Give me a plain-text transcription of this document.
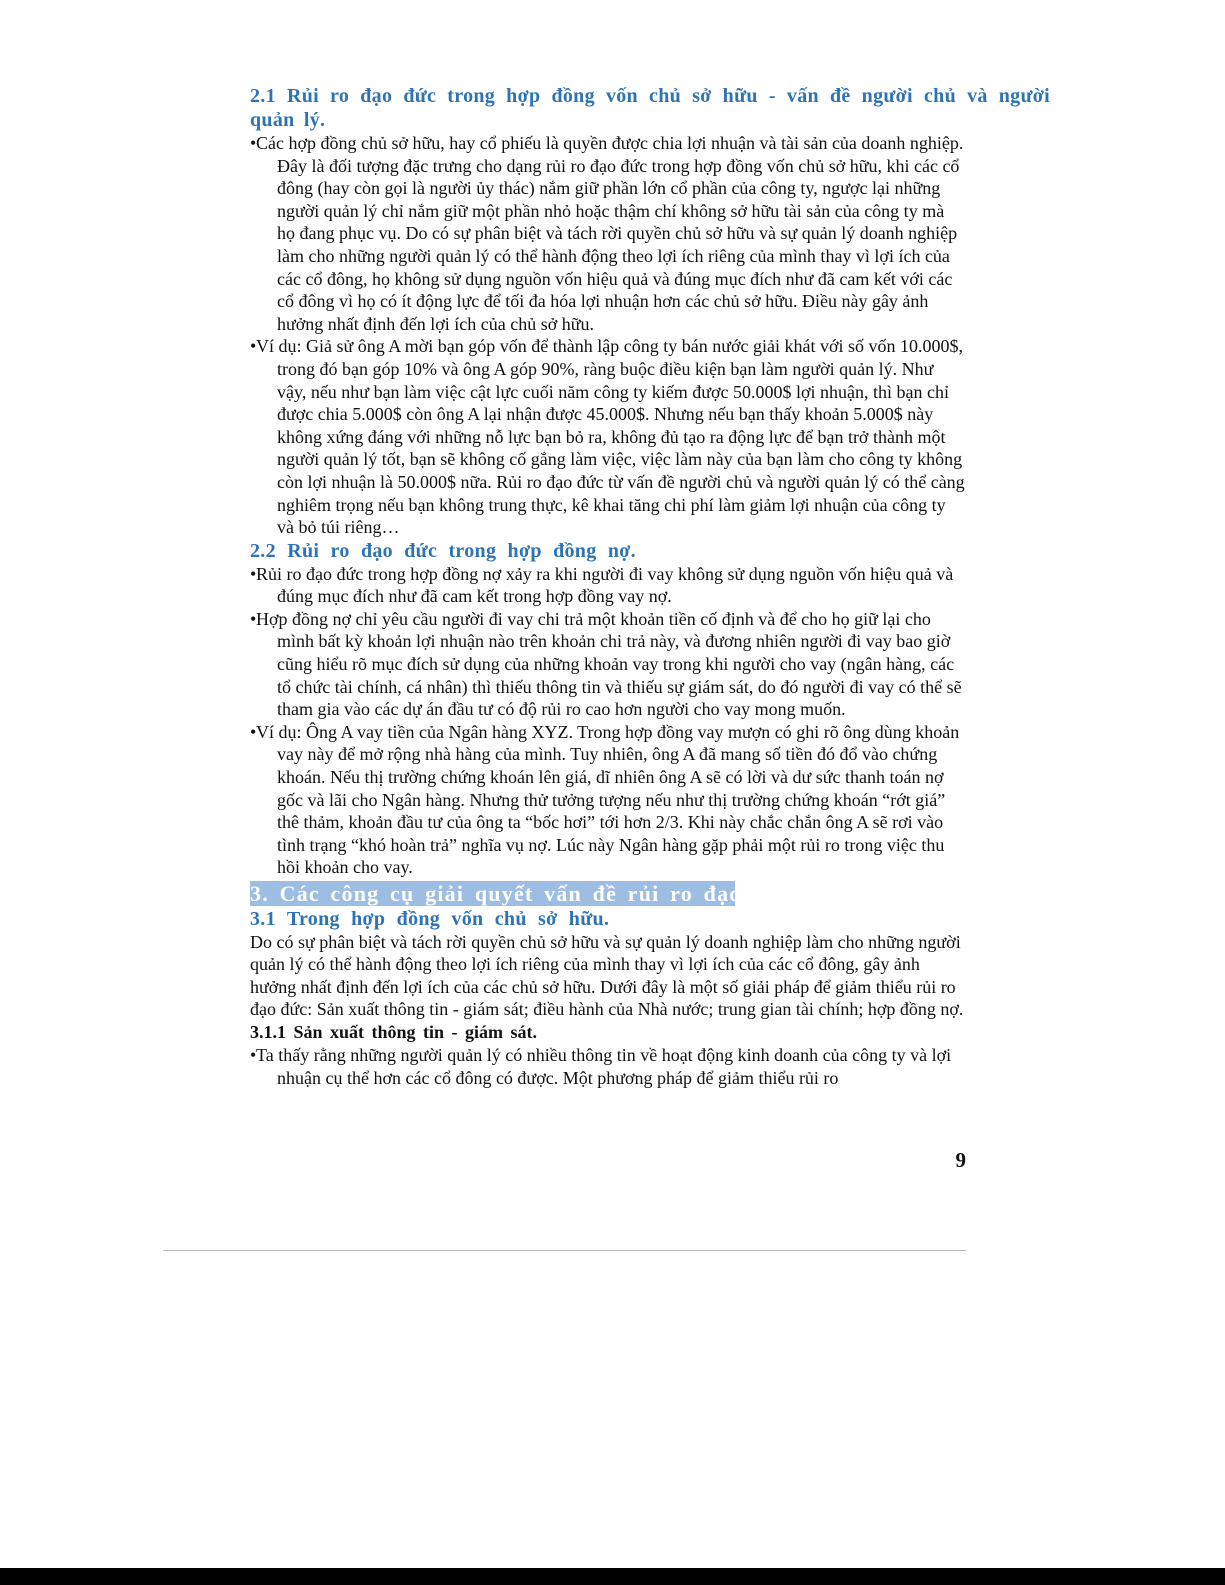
2.1 Rủi ro đạo đức trong hợp đồng vốn chủ sở hữu - vấn đề người chủ và người quản lý.
•Các hợp đồng chủ sở hữu, hay cổ phiếu là quyền được chia lợi nhuận và tài sản của doanh nghiệp. Đây là đối tượng đặc trưng cho dạng rủi ro đạo đức trong hợp đồng vốn chủ sở hữu, khi các cổ đông (hay còn gọi là người ủy thác) nắm giữ phần lớn cổ phần của công ty, ngược lại những người quản lý chỉ nắm giữ một phần nhỏ hoặc thậm chí không sở hữu tài sản của công ty mà họ đang phục vụ. Do có sự phân biệt và tách rời quyền chủ sở hữu và sự quản lý doanh nghiệp làm cho những người quản lý có thể hành động theo lợi ích riêng của mình thay vì lợi ích của các cổ đông, họ không sử dụng nguồn vốn hiệu quả và đúng mục đích như đã cam kết với các cổ đông vì họ có ít động lực để tối đa hóa lợi nhuận hơn các chủ sở hữu. Điều này gây ảnh hưởng nhất định đến lợi ích của chủ sở hữu.
•Ví dụ: Giả sử ông A mời bạn góp vốn để thành lập công ty bán nước giải khát với số vốn 10.000$, trong đó bạn góp 10% và ông A góp 90%, ràng buộc điều kiện bạn làm người quản lý. Như vậy, nếu như bạn làm việc cật lực cuối năm công ty kiếm được 50.000$ lợi nhuận, thì bạn chỉ được chia 5.000$ còn ông A lại nhận được 45.000$. Nhưng nếu bạn thấy khoản 5.000$ này không xứng đáng với những nỗ lực bạn bỏ ra, không đủ tạo ra động lực để bạn trở thành một người quản lý tốt, bạn sẽ không cố gắng làm việc, việc làm này của bạn làm cho công ty không còn lợi nhuận là 50.000$ nữa. Rủi ro đạo đức từ vấn đề người chủ và người quản lý có thể càng nghiêm trọng nếu bạn không trung thực, kê khai tăng chi phí làm giảm lợi nhuận của công ty và bỏ túi riêng…
2.2 Rủi ro đạo đức trong hợp đồng nợ.
•Rủi ro đạo đức trong hợp đồng nợ xảy ra khi người đi vay không sử dụng nguồn vốn hiệu quả và đúng mục đích như đã cam kết trong hợp đồng vay nợ.
•Hợp đồng nợ chỉ yêu cầu người đi vay chi trả một khoản tiền cố định và để cho họ giữ lại cho mình bất kỳ khoản lợi nhuận nào trên khoản chi trả này, và đương nhiên người đi vay bao giờ cũng hiểu rõ mục đích sử dụng của những khoản vay trong khi người cho vay (ngân hàng, các tổ chức tài chính, cá nhân) thì thiếu thông tin và thiếu sự giám sát, do đó người đi vay có thể sẽ tham gia vào các dự án đầu tư có độ rủi ro cao hơn người cho vay mong muốn.
•Ví dụ: Ông A vay tiền của Ngân hàng XYZ. Trong hợp đồng vay mượn có ghi rõ ông dùng khoản vay này để mở rộng nhà hàng của mình. Tuy nhiên, ông A đã mang số tiền đó đổ vào chứng khoán. Nếu thị trường chứng khoán lên giá, dĩ nhiên ông A sẽ có lời và dư sức thanh toán nợ gốc và lãi cho Ngân hàng. Nhưng thử tưởng tượng nếu như thị trường chứng khoán “rớt giá” thê thảm, khoản đầu tư của ông ta “bốc hơi” tới hơn 2/3. Khi này chắc chắn ông A sẽ rơi vào tình trạng “khó hoàn trả” nghĩa vụ nợ. Lúc này Ngân hàng gặp phải một rủi ro trong việc thu hồi khoản cho vay.
3. Các công cụ giải quyết vấn đề rủi ro đạo đức
3.1 Trong hợp đồng vốn chủ sở hữu.
Do có sự phân biệt và tách rời quyền chủ sở hữu và sự quản lý doanh nghiệp làm cho những người quản lý có thể hành động theo lợi ích riêng của mình thay vì lợi ích của các cổ đông, gây ảnh hưởng nhất định đến lợi ích của các chủ sở hữu. Dưới đây là một số giải pháp để giảm thiểu rủi ro đạo đức: Sản xuất thông tin - giám sát; điều hành của Nhà nước; trung gian tài chính; hợp đồng nợ.
3.1.1 Sản xuất thông tin - giám sát.
•Ta thấy rằng những người quản lý có nhiều thông tin về hoạt động kinh doanh của công ty và lợi nhuận cụ thể hơn các cổ đông có được. Một phương pháp để giảm thiểu rủi ro
9
